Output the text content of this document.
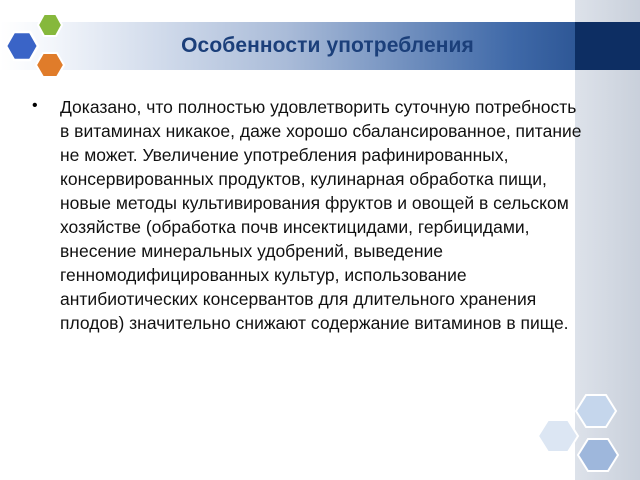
Особенности употребления
•	Доказано, что полностью удовлетворить суточную потребность в витаминах никакое, даже хорошо сбалансированное, питание не может. Увеличение употребления рафинированных, консервированных продуктов, кулинарная обработка пищи, новые методы культивирования фруктов и овощей в сельском хозяйстве (обработка почв инсектицидами, гербицидами, внесение минеральных удобрений, выведение генномодифицированных культур, использование антибиотических консервантов для длительного хранения плодов) значительно снижают содержание витаминов в пище.
